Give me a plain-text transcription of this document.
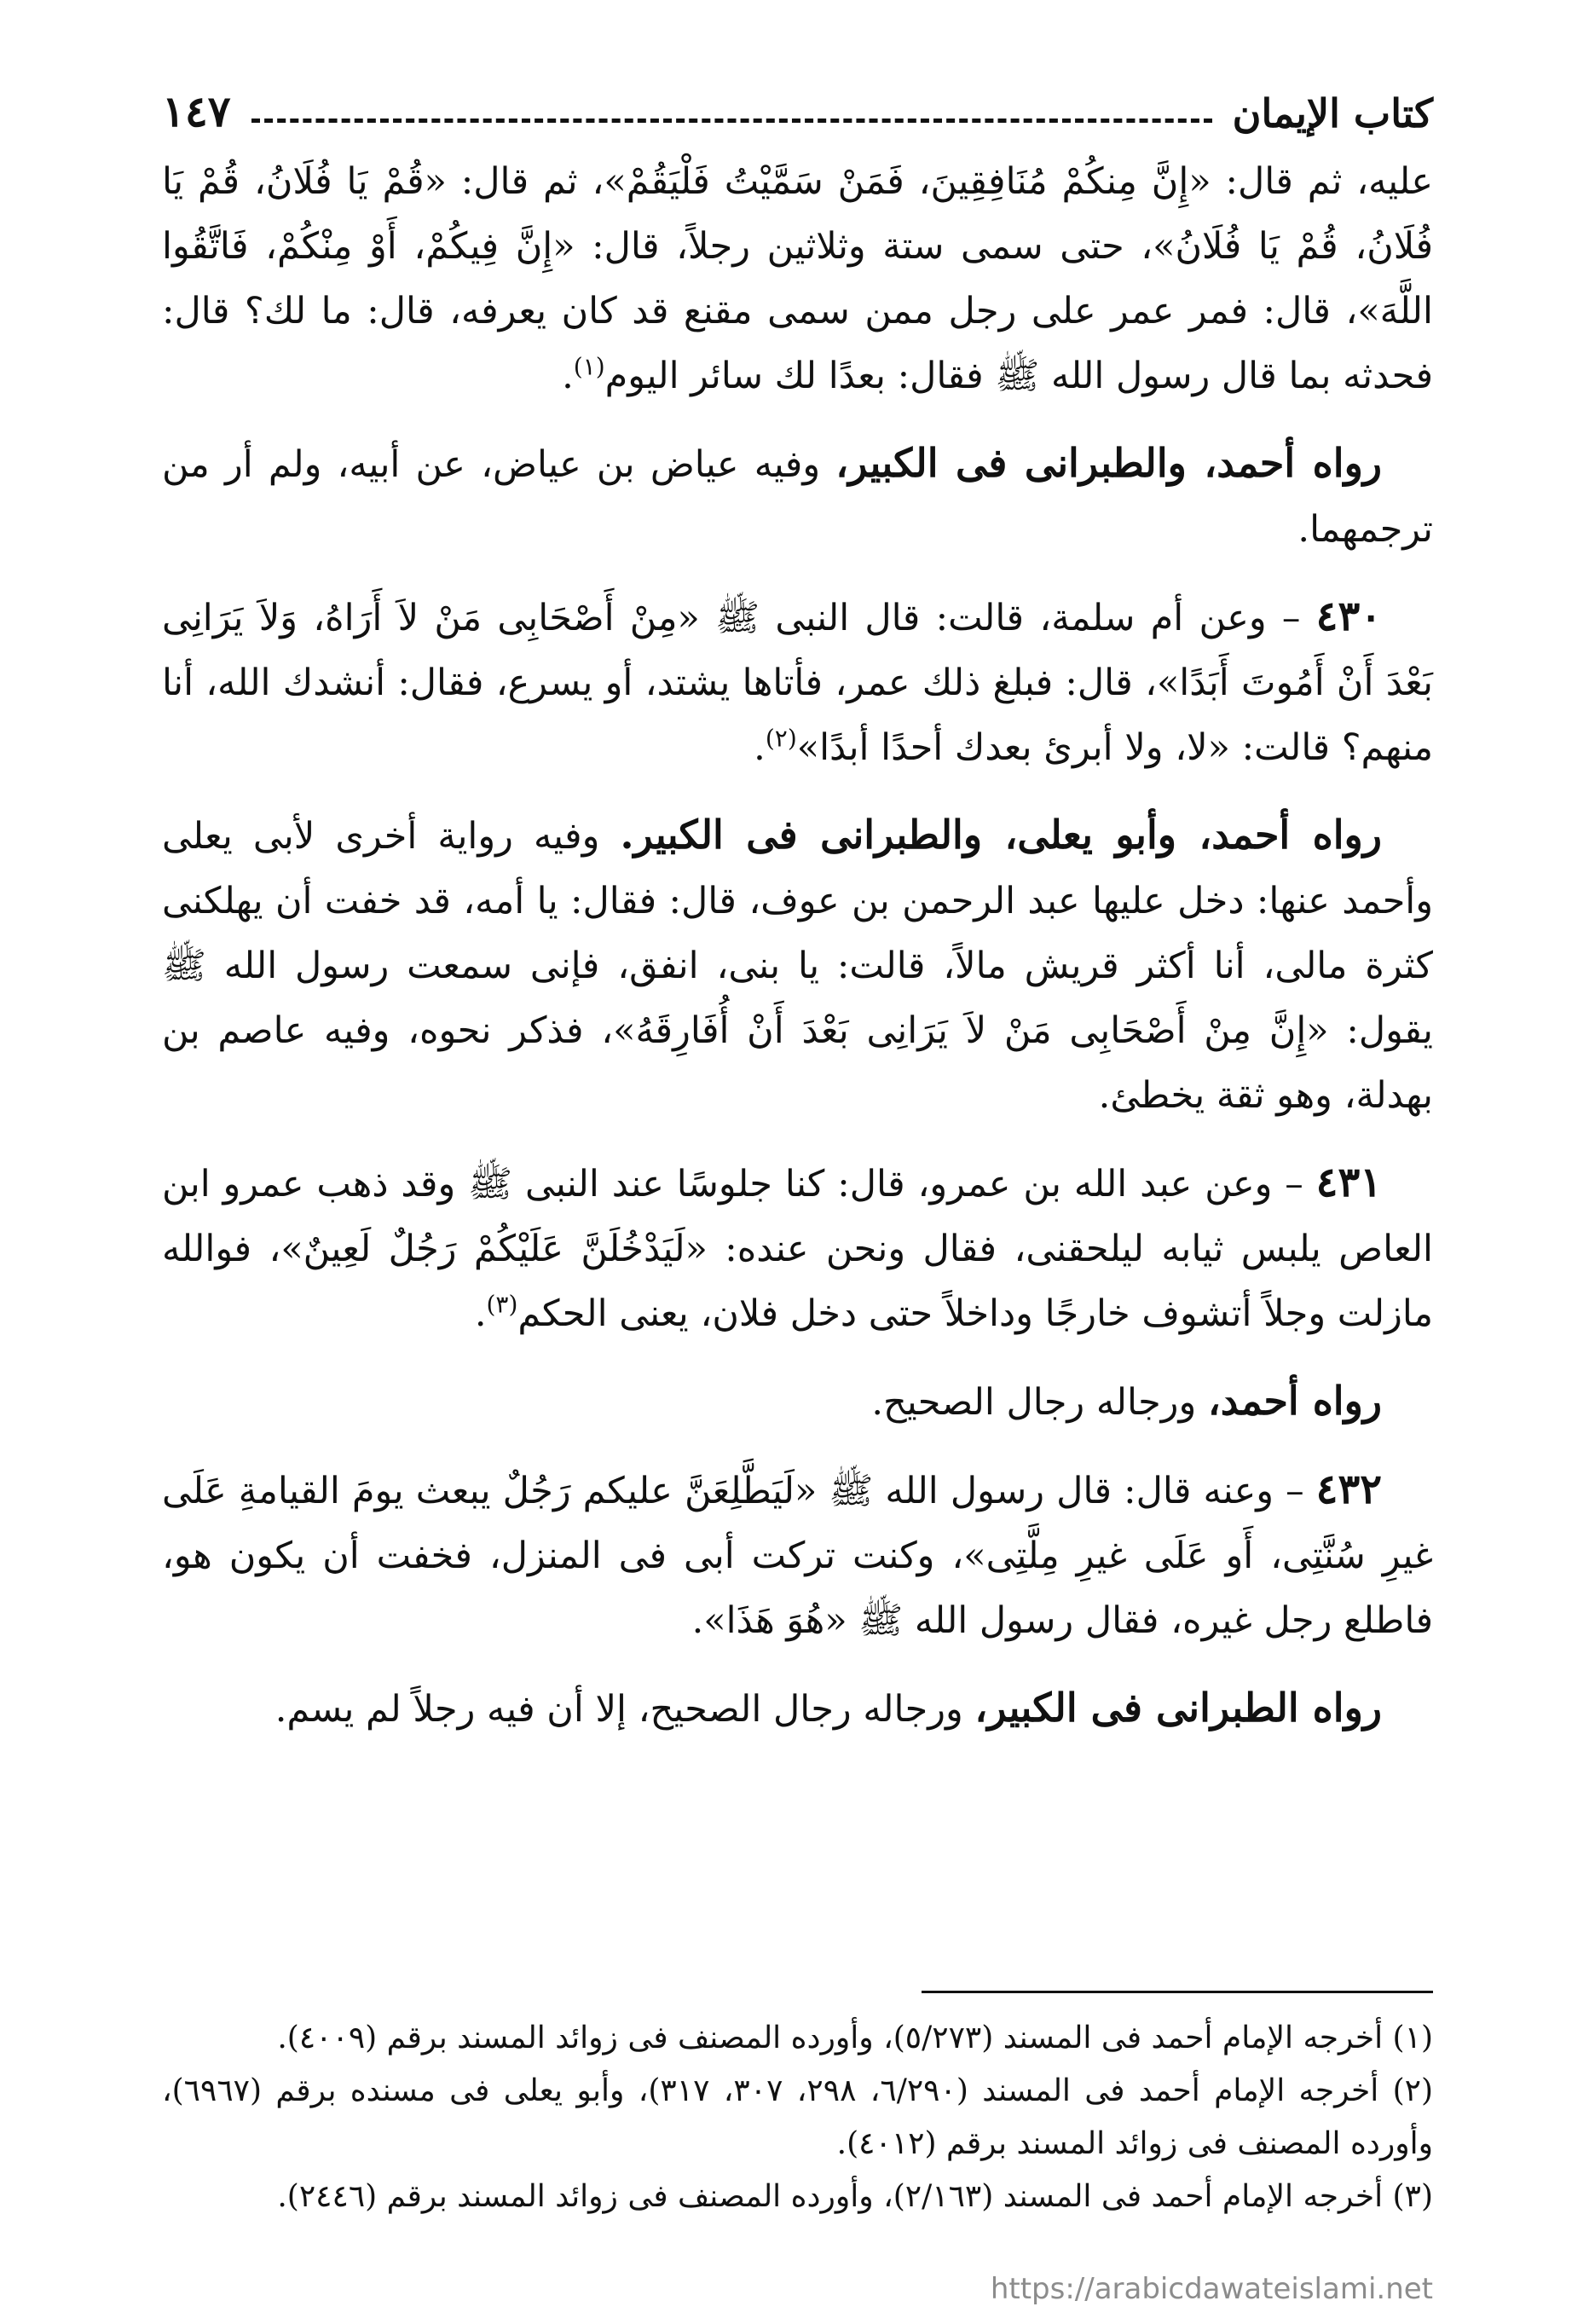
كتاب الإيمان
١٤٧

عليه، ثم قال: «إِنَّ مِنكُمْ مُنَافِقِينَ، فَمَنْ سَمَّيْتُ فَلْيَقُمْ»، ثم قال: «قُمْ يَا فُلَانُ، قُمْ يَا فُلَانُ، قُمْ يَا فُلَانُ»، حتى سمى ستة وثلاثين رجلاً، قال: «إِنَّ فِيكُمْ، أَوْ مِنْكُمْ، فَاتَّقُوا اللَّهَ»، قال: فمر عمر على رجل ممن سمى مقنع قد كان يعرفه، قال: ما لك؟ قال: فحدثه بما قال رسول الله ﷺ فقال: بعدًا لك سائر اليوم$^{(١)}$.

رواه أحمد، والطبرانى فى الكبير، وفيه عياض بن عياض، عن أبيه، ولم أر من ترجمهما.

٤٣٠ – وعن أم سلمة، قالت: قال النبى ﷺ «مِنْ أَصْحَابِى مَنْ لاَ أَرَاهُ، وَلاَ يَرَانِى بَعْدَ أَنْ أَمُوتَ أَبَدًا»، قال: فبلغ ذلك عمر، فأتاها يشتد، أو يسرع، فقال: أنشدك الله، أنا منهم؟ قالت: «لا، ولا أبرئ بعدك أحدًا أبدًا»$^{(٢)}$.

رواه أحمد، وأبو يعلى، والطبرانى فى الكبير. وفيه رواية أخرى لأبى يعلى وأحمد عنها: دخل عليها عبد الرحمن بن عوف، قال: فقال: يا أمه، قد خفت أن يهلكنى كثرة مالى، أنا أكثر قريش مالاً، قالت: يا بنى، انفق، فإنى سمعت رسول الله ﷺ يقول: «إِنَّ مِنْ أَصْحَابِى مَنْ لاَ يَرَانِى بَعْدَ أَنْ أُفَارِقَهُ»، فذكر نحوه، وفيه عاصم بن بهدلة، وهو ثقة يخطئ.

٤٣١ – وعن عبد الله بن عمرو، قال: كنا جلوسًا عند النبى ﷺ وقد ذهب عمرو ابن العاص يلبس ثيابه ليلحقنى، فقال ونحن عنده: «لَيَدْخُلَنَّ عَلَيْكُمْ رَجُلٌ لَعِينٌ»، فوالله مازلت وجلاً أتشوف خارجًا وداخلاً حتى دخل فلان، يعنى الحكم$^{(٣)}$.

رواه أحمد، ورجاله رجال الصحيح.

٤٣٢ – وعنه قال: قال رسول الله ﷺ «لَيَطَّلِعَنَّ عليكم رَجُلٌ يبعث يومَ القيامةِ عَلَى غيرِ سُنَّتِى، أَو عَلَى غيرِ مِلَّتِى»، وكنت تركت أبى فى المنزل، فخفت أن يكون هو، فاطلع رجل غيره، فقال رسول الله ﷺ «هُوَ هَذَا».

رواه الطبرانى فى الكبير، ورجاله رجال الصحيح، إلا أن فيه رجلاً لم يسم.

(١) أخرجه الإمام أحمد فى المسند (٥/٢٧٣)، وأورده المصنف فى زوائد المسند برقم (٤٠٠٩).

(٢) أخرجه الإمام أحمد فى المسند (٦/٢٩٠، ٢٩٨، ٣٠٧، ٣١٧)، وأبو يعلى فى مسنده برقم (٦٩٦٧)، وأورده المصنف فى زوائد المسند برقم (٤٠١٢).

(٣) أخرجه الإمام أحمد فى المسند (٢/١٦٣)، وأورده المصنف فى زوائد المسند برقم (٢٤٤٦).

https://arabicdawateislami.net
